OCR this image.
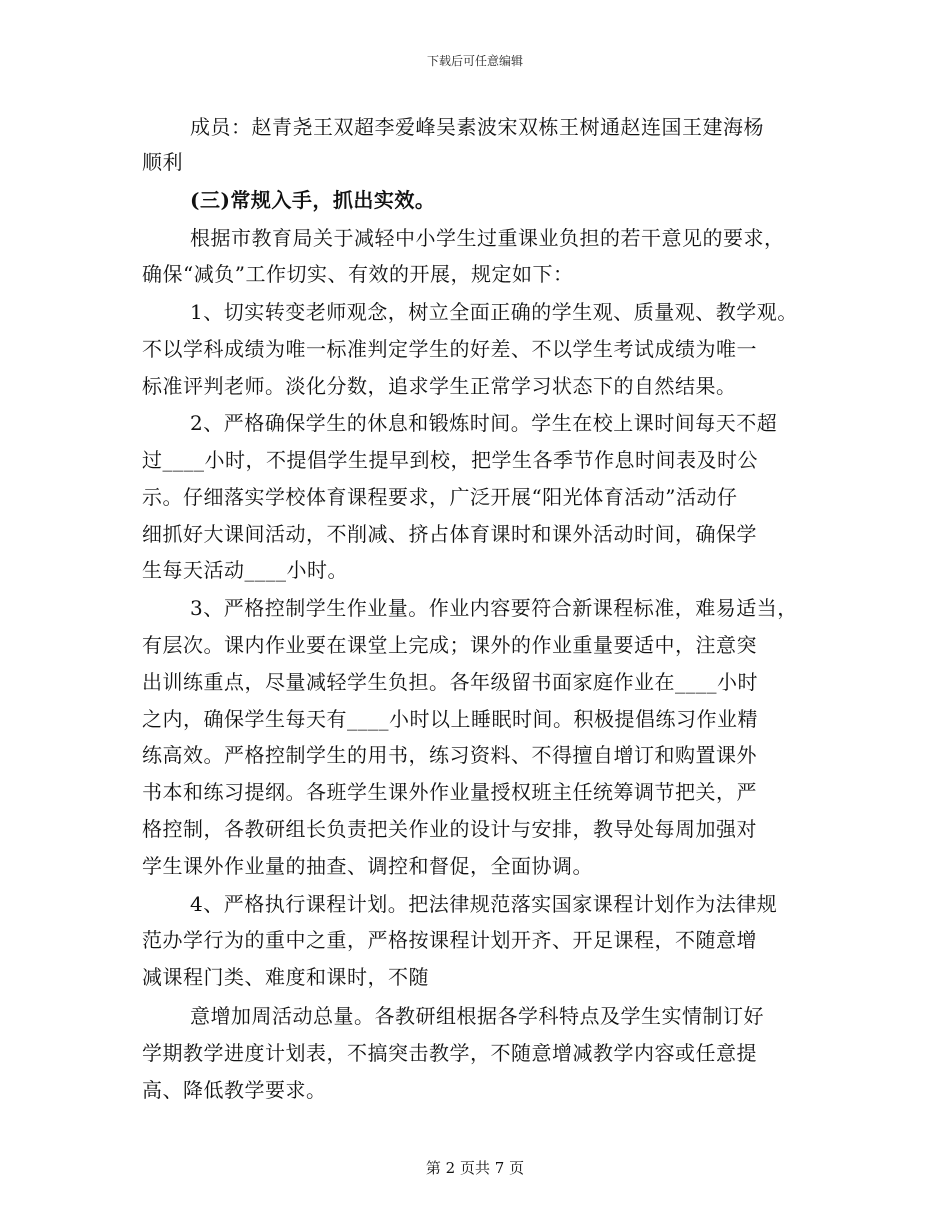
下载后可任意编辑
成员：赵青尧王双超李爱峰吴素波宋双栋王树通赵连国王建海杨
顺利
(三)常规入手，抓出实效。
根据市教育局关于减轻中小学生过重课业负担的若干意见的要求，
确保“减负”工作切实、有效的开展，规定如下：
1、切实转变老师观念，树立全面正确的学生观、质量观、教学观。
不以学科成绩为唯一标准判定学生的好差、不以学生考试成绩为唯一
标准评判老师。淡化分数，追求学生正常学习状态下的自然结果。
2、严格确保学生的休息和锻炼时间。学生在校上课时间每天不超
过____小时，不提倡学生提早到校，把学生各季节作息时间表及时公
示。仔细落实学校体育课程要求，广泛开展“阳光体育活动”活动仔
细抓好大课间活动，不削减、挤占体育课时和课外活动时间，确保学
生每天活动____小时。
3、严格控制学生作业量。作业内容要符合新课程标准，难易适当，
有层次。课内作业要在课堂上完成；课外的作业重量要适中，注意突
出训练重点，尽量减轻学生负担。各年级留书面家庭作业在____小时
之内，确保学生每天有____小时以上睡眠时间。积极提倡练习作业精
练高效。严格控制学生的用书，练习资料、不得擅自增订和购置课外
书本和练习提纲。各班学生课外作业量授权班主任统筹调节把关，严
格控制，各教研组长负责把关作业的设计与安排，教导处每周加强对
学生课外作业量的抽查、调控和督促，全面协调。
4、严格执行课程计划。把法律规范落实国家课程计划作为法律规
范办学行为的重中之重，严格按课程计划开齐、开足课程，不随意增
减课程门类、难度和课时，不随
意增加周活动总量。各教研组根据各学科特点及学生实情制订好
学期教学进度计划表，不搞突击教学，不随意增减教学内容或任意提
高、降低教学要求。
第 2 页共 7 页
